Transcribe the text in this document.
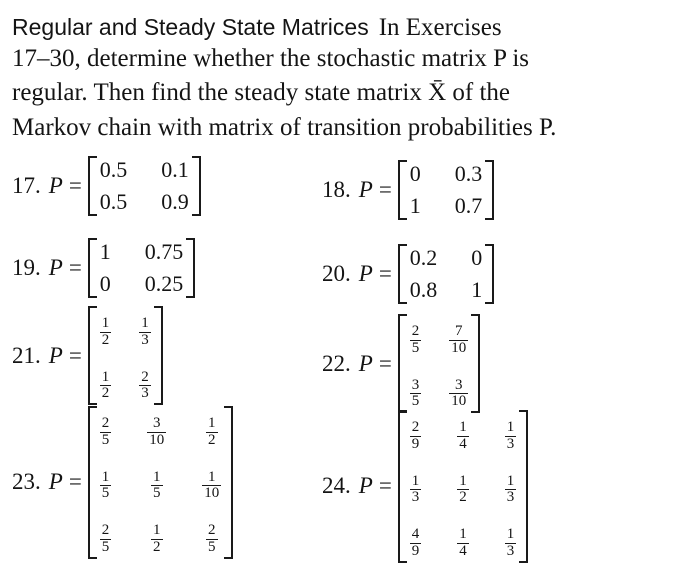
Regular and Steady State Matrices In Exercises
17–30, determine whether the stochastic matrix P is
regular. Then find the steady state matrix X̄ of the
Markov chain with matrix of transition probabilities P.
17. P =
0.5 0.1
0.5 0.9	18. P =
0 0.3
1 0.7
19. P =
1 0.75
0 0.25	20. P =
0.2 0
0.8 1
21. P =
$\frac{1}{2} \frac{1}{3}$
$\frac{1}{2} \frac{2}{3}$
22. P =
$\frac{2}{5} \frac{7}{10}$
$\frac{3}{5} \frac{3}{10}$
23. P =
$\frac{2}{5} \frac{3}{10}$	$\frac{1}{2}$
$\frac{1}{5}$	$\frac{1}{5}$	$\frac{1}{10}$
$\frac{2}{5}$	$\frac{1}{2}$	$\frac{2}{5}$
24. P =
$\frac{2}{9} \frac{1}{4} \frac{1}{3}$
$\frac{1}{3} \frac{1}{2} \frac{1}{3}$
$\frac{4}{9} \frac{1}{4} \frac{1}{3}$
